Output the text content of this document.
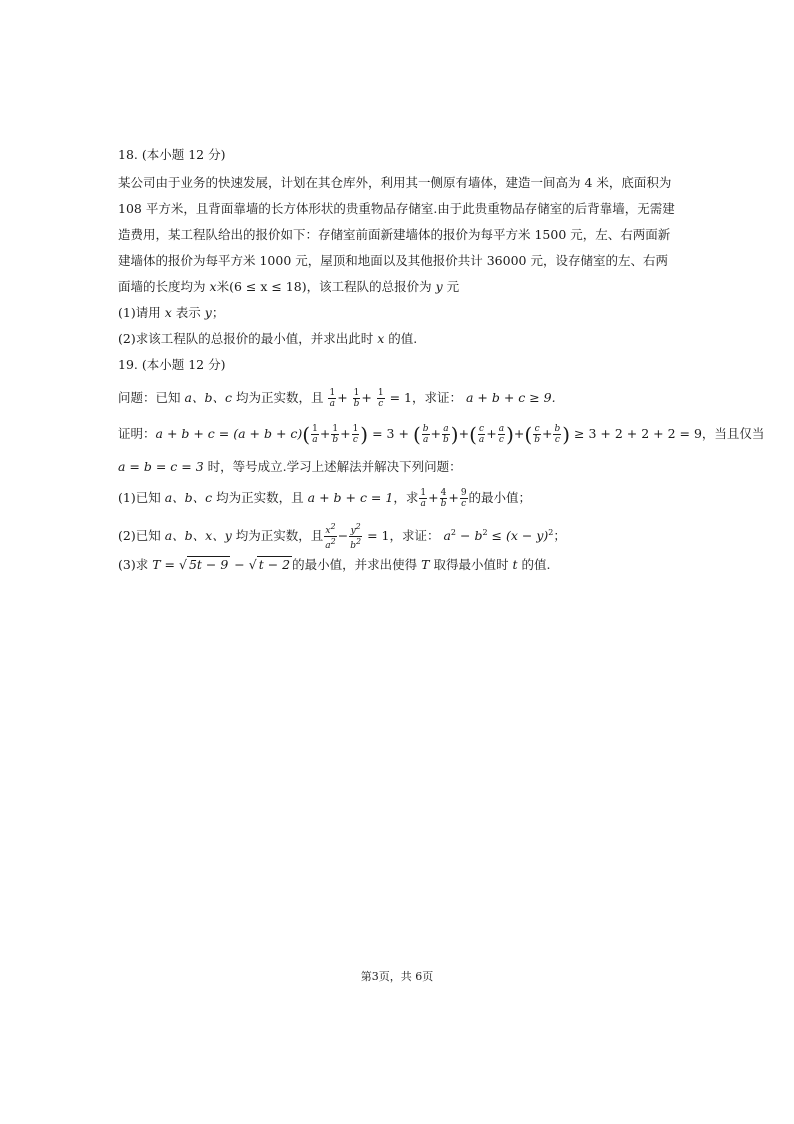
18. (本小题 12 分)
某公司由于业务的快速发展，计划在其仓库外，利用其一侧原有墙体，建造一间高为 4 米，底面积为 108 平方米，且背面靠墙的长方体形状的贵重物品存储室.由于此贵重物品存储室的后背靠墙，无需建造费用，某工程队给出的报价如下：存储室前面新建墙体的报价为每平方米 1500 元，左、右两面新建墙体的报价为每平方米 1000 元，屋顶和地面以及其他报价共计 36000 元，设存储室的左、右两面墙的长度均为 x米(6 ≤ x ≤ 18)，该工程队的总报价为 y 元
(1)请用 x 表示 y；
(2)求该工程队的总报价的最小值，并求出此时 x 的值.
19. (本小题 12 分)
问题：已知 a、b、c 均为正实数，且 $\frac{1}{a} + \frac{1}{b} + \frac{1}{c} = 1$，求证： a + b + c ≥ 9.
证明：$a + b + c = (a + b + c)( \frac{1}{a} + \frac{1}{b} + \frac{1}{c}$ ) = 3 + ( $\frac{b}{a} + \frac{a}{b}$ )+( $\frac{c}{a} + \frac{a}{c}$ )+( $\frac{c}{b} + \frac{b}{c}$ ) ≥ 3 + 2 + 2 + 2 = 9，当且仅当
a = b = c = 3 时，等号成立.学习上述解法并解决下列问题：
(1)已知 a、b、c 均为正实数，且 a + b + c = 1，求 $\frac{1}{a} + \frac{4}{b} + \frac{9}{c}$ 的最小值；
(2)已知 a、b、x、y 均为正实数，且 $\frac{x^2}{a^2} - \frac{y^2}{b^2} = 1$，求证： $a^2 - b^2 \le (x - y)^2$；
(3)求 T = √ 5t − 9 − √ t − 2 的最小值，并求出使得 T 取得最小值时 t 的值.
第3页，共 6页
